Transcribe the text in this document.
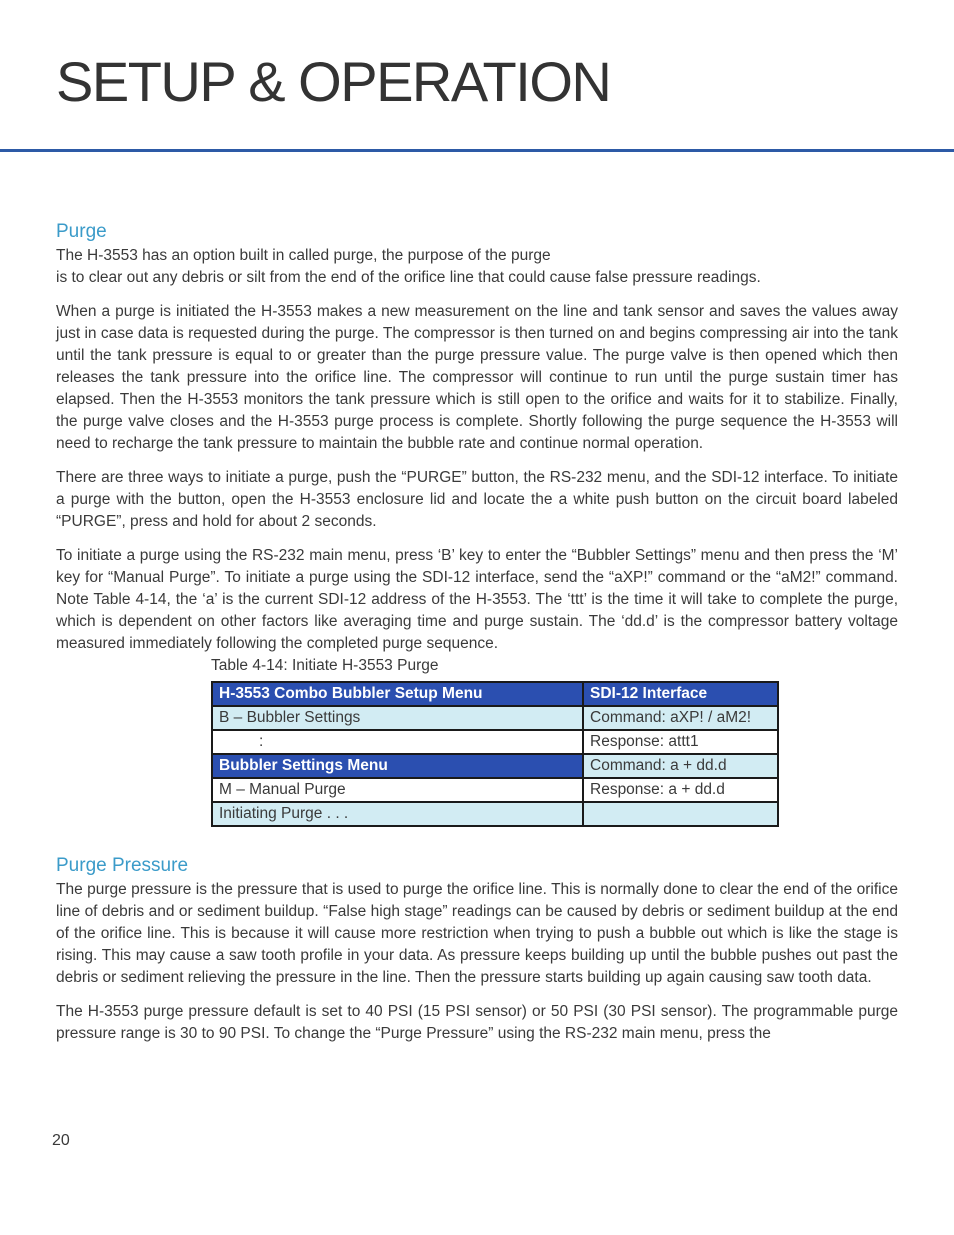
SETUP & OPERATION
Purge

The H-3553 has an option built in called purge, the purpose of the purge
is to clear out any debris or silt from the end of the orifice line that could cause false pressure readings.

When a purge is initiated the H-3553 makes a new measurement on the line and tank sensor and saves the values away just in case data is requested during the purge. The compressor is then turned on and begins compressing air into the tank until the tank pressure is equal to or greater than the purge pressure value. The purge valve is then opened which then releases the tank pressure into the orifice line. The compressor will continue to run until the purge sustain timer has elapsed. Then the H-3553 monitors the tank pressure which is still open to the orifice and waits for it to stabilize. Finally, the purge valve closes and the H-3553 purge process is complete. Shortly following the purge sequence the H-3553 will need to recharge the tank pressure to maintain the bubble rate and continue normal operation.

There are three ways to initiate a purge, push the “PURGE” button, the RS-232 menu, and the SDI-12 interface. To initiate a purge with the button, open the H-3553 enclosure lid and locate the a white push button on the circuit board labeled “PURGE”, press and hold for about 2 seconds.

To initiate a purge using the RS-232 main menu, press ‘B’ key to enter the “Bubbler Settings” menu and then press the ‘M’ key for “Manual Purge”. To initiate a purge using the SDI-12 interface, send the “aXP!” command or the “aM2!” command. Note Table 4-14, the ‘a’ is the current SDI-12 address of the H-3553. The ‘ttt’ is the time it will take to complete the purge, which is dependent on other factors like averaging time and purge sustain. The ‘dd.d’ is the compressor battery voltage measured immediately following the completed purge sequence.

Table 4-14: Initiate H-3553 Purge
H-3553 Combo Bubbler Setup Menu	SDI-12 Interface
B – Bubbler Settings	Command: aXP! / aM2!
:	Response: attt1
Bubbler Settings Menu	Command: a + dd.d
M – Manual Purge	Response: a + dd.d
Initiating Purge . . .	
Purge Pressure

The purge pressure is the pressure that is used to purge the orifice line. This is normally done to clear the end of the orifice line of debris and or sediment buildup. “False high stage” readings can be caused by debris or sediment buildup at the end of the orifice line. This is because it will cause more restriction when trying to push a bubble out which is like the stage is rising. This may cause a saw tooth profile in your data. As pressure keeps building up until the bubble pushes out past the debris or sediment relieving the pressure in the line. Then the pressure starts building up again causing saw tooth data.

The H-3553 purge pressure default is set to 40 PSI (15 PSI sensor) or 50 PSI (30 PSI sensor). The programmable purge pressure range is 30 to 90 PSI. To change the “Purge Pressure” using the RS-232 main menu, press the

20
